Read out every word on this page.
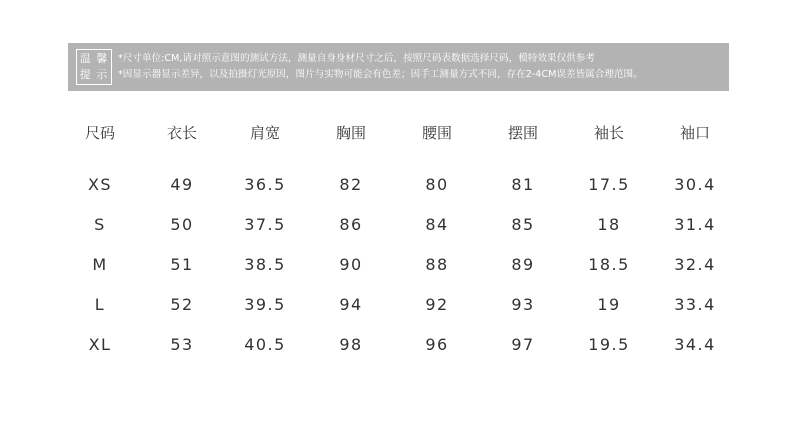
温 馨
提 示
*尺寸单位:CM,请对照示意图的测试方法，测量自身身材尺寸之后，按照尺码表数据选择尺码，模特效果仅供参考
*因显示器显示差异，以及拍摄灯光原因，图片与实物可能会有色差；因手工测量方式不同，存在2-4CM误差皆属合理范围。
尺码	衣长	肩宽	胸围	腰围	摆围	袖长	袖口
XS	49	36.5	82	80	81	17.5	30.4
S	50	37.5	86	84	85	18	31.4
M	51	38.5	90	88	89	18.5	32.4
L	52	39.5	94	92	93	19	33.4
XL	53	40.5	98	96	97	19.5	34.4
